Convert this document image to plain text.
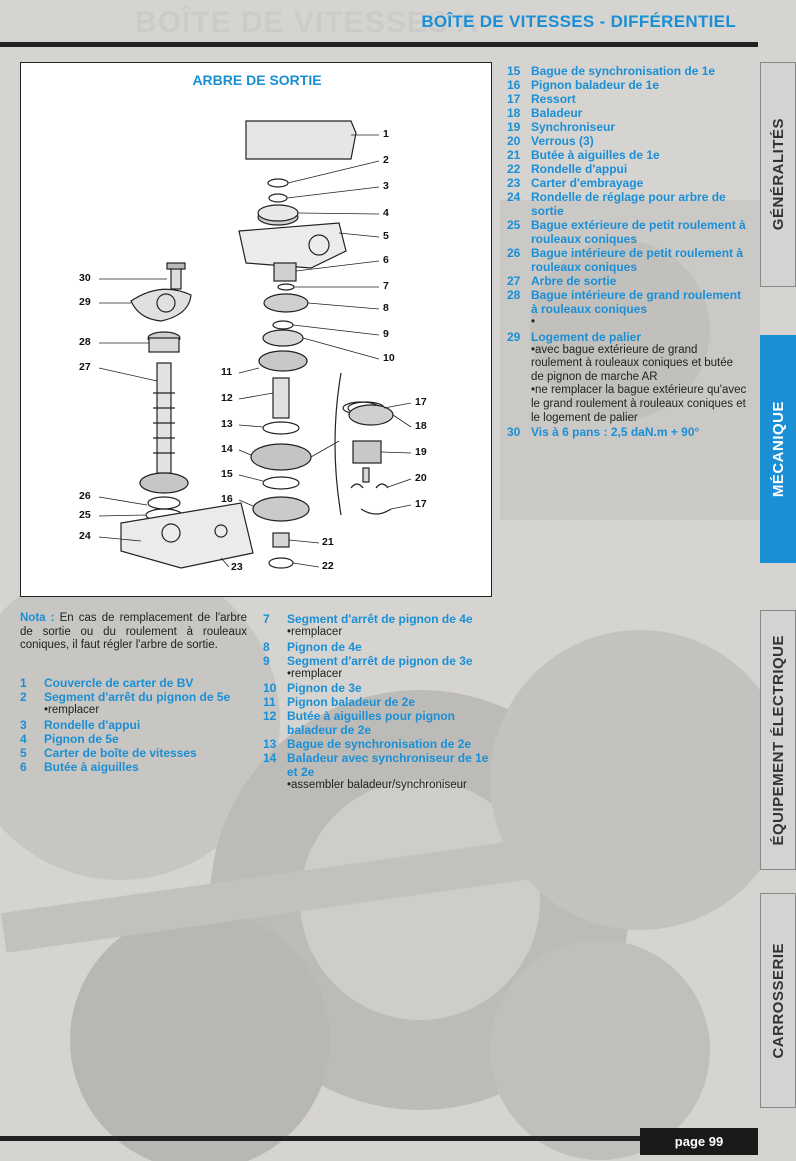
BOÎTE DE VITESSES A
BOÎTE DE VITESSES - DIFFÉRENTIEL
ARBRE DE SORTIE
1
2
3
4
5
6
7
8
9
10
11
12
13
14
15
16
17
18
19
20
17
21
22
23
24
25
26
27
28
29
30
15 Bague de synchronisation de 1e
16 Pignon baladeur de 1e
17 Ressort
18 Baladeur
19 Synchroniseur
20 Verrous (3)
21 Butée à aiguilles de 1e
22 Rondelle d'appui
23 Carter d'embrayage
24 Rondelle de réglage pour arbre de sortie
25 Bague extérieure de petit roulement à rouleaux coniques
26 Bague intérieure de petit roulement à rouleaux coniques
27 Arbre de sortie
28 Bague intérieure de grand roulement à rouleaux coniques
•
29 Logement de palier
• avec bague extérieure de grand roulement à rouleaux coniques et butée de pignon de marche AR
• ne remplacer la bague extérieure qu'avec le grand roulement à rouleaux coniques et le logement de palier
30 Vis à 6 pans : 2,5 daN.m + 90°
Nota : En cas de remplacement de l'arbre de sortie ou du roulement à rouleaux coniques, il faut régler l'arbre de sortie.
1	Couvercle de carter de BV
2	Segment d'arrêt du pignon de 5e
• remplacer
3	Rondelle d'appui
4	Pignon de 5e
5	Carter de boîte de vitesses
6	Butée à aiguilles
7	Segment d'arrêt de pignon de 4e
• remplacer
8	Pignon de 4e
9	Segment d'arrêt de pignon de 3e
• remplacer
10 Pignon de 3e
11 Pignon baladeur de 2e
12 Butée à aiguilles pour pignon baladeur de 2e
13 Bague de synchronisation de 2e
14 Baladeur avec synchroniseur de 1e et 2e
• assembler baladeur/synchroniseur
GÉNÉRALITÉS
MÉCANIQUE
ÉQUIPEMENT ÉLECTRIQUE
CARROSSERIE
page 99
